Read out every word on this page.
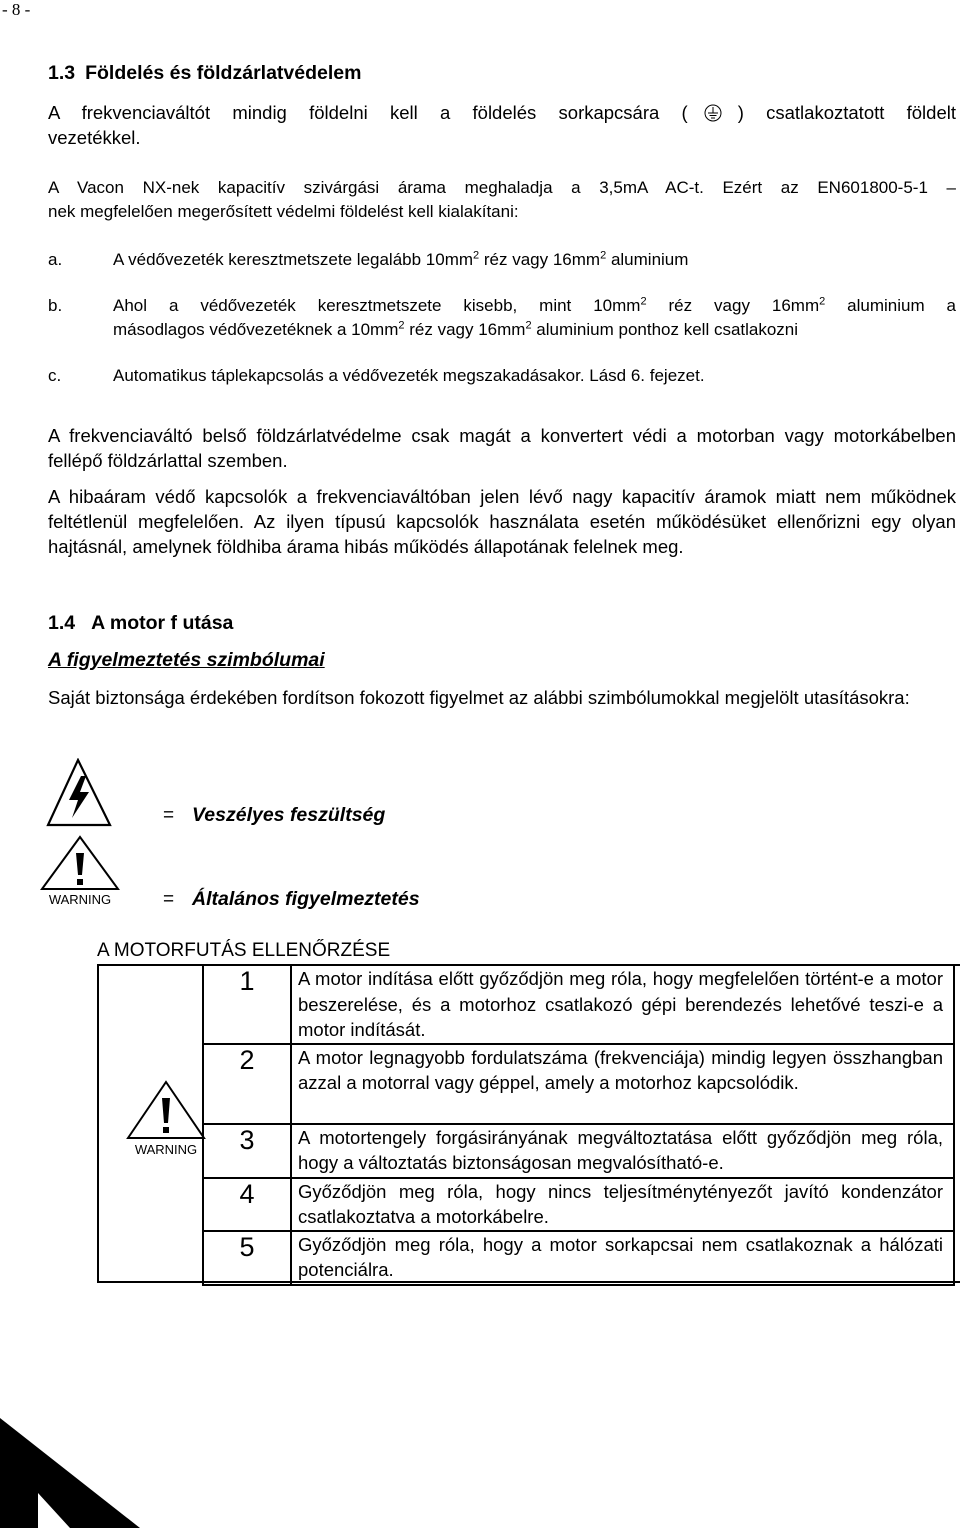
- 8 -
1.3 Földelés és földzárlatvédelem
A frekvenciaváltót mindig földelni kell a földelés sorkapcsára (	) csatlakoztatott földelt
vezetékkel.
A Vacon NX-nek kapacitív szivárgási árama meghaladja a 3,5mA AC-t. Ezért az EN601800-5-1 –
nek megfelelően megerősített védelmi földelést kell kialakítani:
a.	A védővezeték keresztmetszete legalább $10mm^2$ réz vagy $16mm^2$ aluminium
b.	Ahol a védővezeték keresztmetszete kisebb, mint $10mm^2$ réz vagy $16mm^2$ aluminium a
másodlagos védővezetéknek a $10mm^2$ réz vagy $16mm^2$ aluminium ponthoz kell csatlakozni
c.	Automatikus táplekapcsolás a védővezeték megszakadásakor. Lásd 6. fejezet.
A frekvenciaváltó belső földzárlatvédelme csak magát a konvertert védi a motorban vagy motorkábelben fellépő földzárlattal szemben.
A hibaáram védő kapcsolók a frekvenciaváltóban jelen lévő nagy kapacitív áramok miatt nem működnek feltétlenül megfelelően. Az ilyen típusú kapcsolók használata esetén működésüket ellenőrizni egy olyan hajtásnál, amelynek földhiba árama hibás működés állapotának felelnek meg.
1.4 A motor f utása
A figyelmeztetés szimbólumai
Saját biztonsága érdekében fordítson fokozott figyelmet az alábbi szimbólumokkal megjelölt utasításokra:
= Veszélyes feszültség
WARNING	= Általános figyelmeztetés
A MOTORFUTÁS ELLENŐRZÉSE
WARNING
1	A motor indítása előtt győződjön meg róla, hogy megfelelően történt-e a motor beszerelése, és a motorhoz csatlakozó gépi berendezés lehetővé teszi-e a motor indítását.
2	A motor legnagyobb fordulatszáma (frekvenciája) mindig legyen összhangban azzal a motorral vagy géppel, amely a motorhoz kapcsolódik.
3	A motortengely forgásirányának megváltoztatása előtt győződjön meg róla, hogy a változtatás biztonságosan megvalósítható-e.
4	Győződjön meg róla, hogy nincs teljesítménytényezőt javító kondenzátor csatlakoztatva a motorkábelre.
5	Győződjön meg róla, hogy a motor sorkapcsai nem csatlakoznak a hálózati potenciálra.
1
